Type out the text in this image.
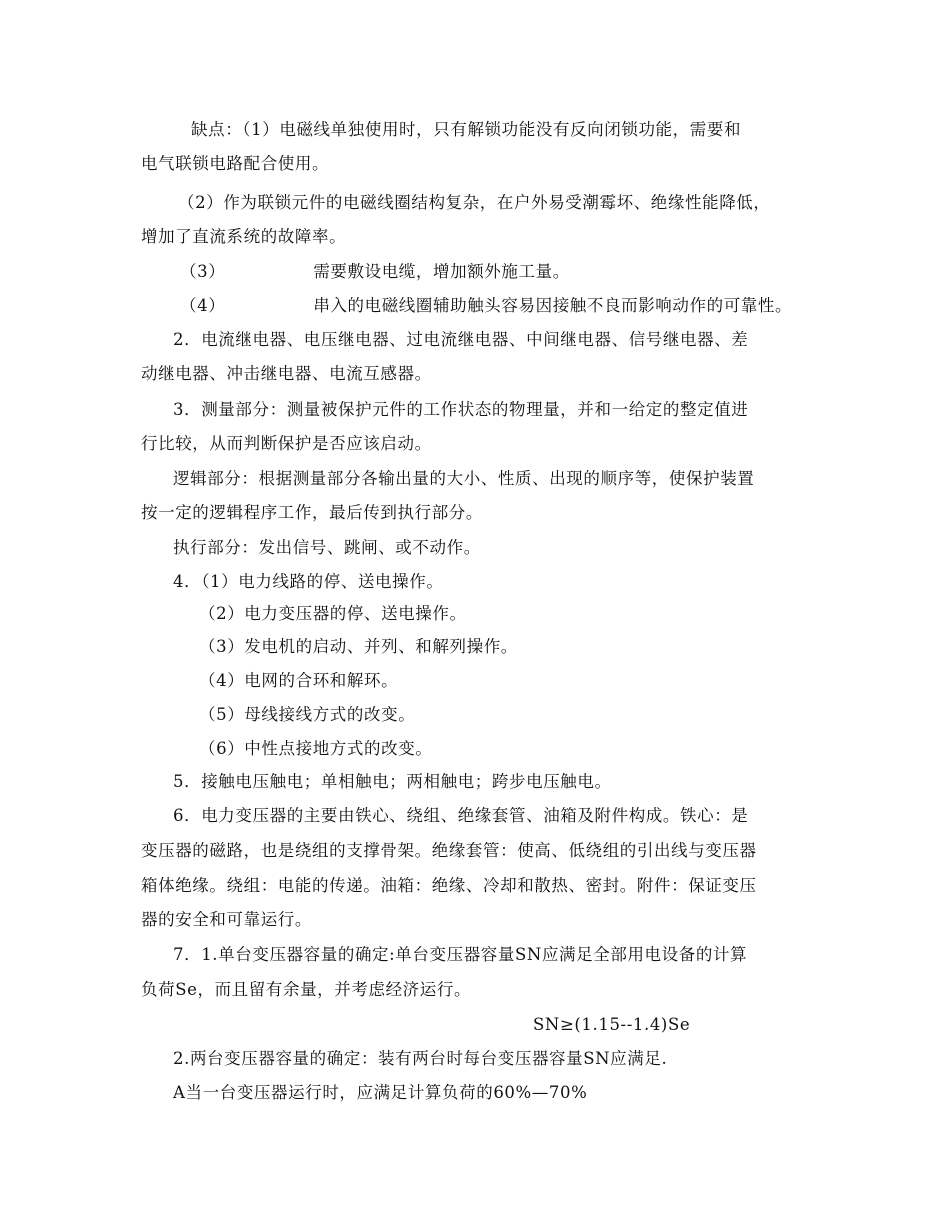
缺点：（1）电磁线单独使用时，只有解锁功能没有反向闭锁功能，需要和
电气联锁电路配合使用。
（2）作为联锁元件的电磁线圈结构复杂，在户外易受潮霉坏、绝缘性能降低，
增加了直流系统的故障率。
（3）	需要敷设电缆，增加额外施工量。
（4）	串入的电磁线圈辅助触头容易因接触不良而影响动作的可靠性。
2．电流继电器、电压继电器、过电流继电器、中间继电器、信号继电器、差
动继电器、冲击继电器、电流互感器。
3．测量部分：测量被保护元件的工作状态的物理量，并和一给定的整定值进
行比较，从而判断保护是否应该启动。
逻辑部分：根据测量部分各输出量的大小、性质、出现的顺序等，使保护装置
按一定的逻辑程序工作，最后传到执行部分。
执行部分：发出信号、跳闸、或不动作。
4．（1）电力线路的停、送电操作。
（2）电力变压器的停、送电操作。
（3）发电机的启动、并列、和解列操作。
（4）电网的合环和解环。
（5）母线接线方式的改变。
（6）中性点接地方式的改变。
5．接触电压触电；单相触电；两相触电；跨步电压触电。
6．电力变压器的主要由铁心、绕组、绝缘套管、油箱及附件构成。铁心：是
变压器的磁路，也是绕组的支撑骨架。绝缘套管：使高、低绕组的引出线与变压器
箱体绝缘。绕组：电能的传递。油箱：绝缘、冷却和散热、密封。附件：保证变压
器的安全和可靠运行。
7．1.单台变压器容量的确定:单台变压器容量SN应满足全部用电设备的计算
负荷Se，而且留有余量，并考虑经济运行。
SN≥(1.15--1.4)Se
2.两台变压器容量的确定：装有两台时每台变压器容量SN应满足.
A当一台变压器运行时，应满足计算负荷的60%—70%
